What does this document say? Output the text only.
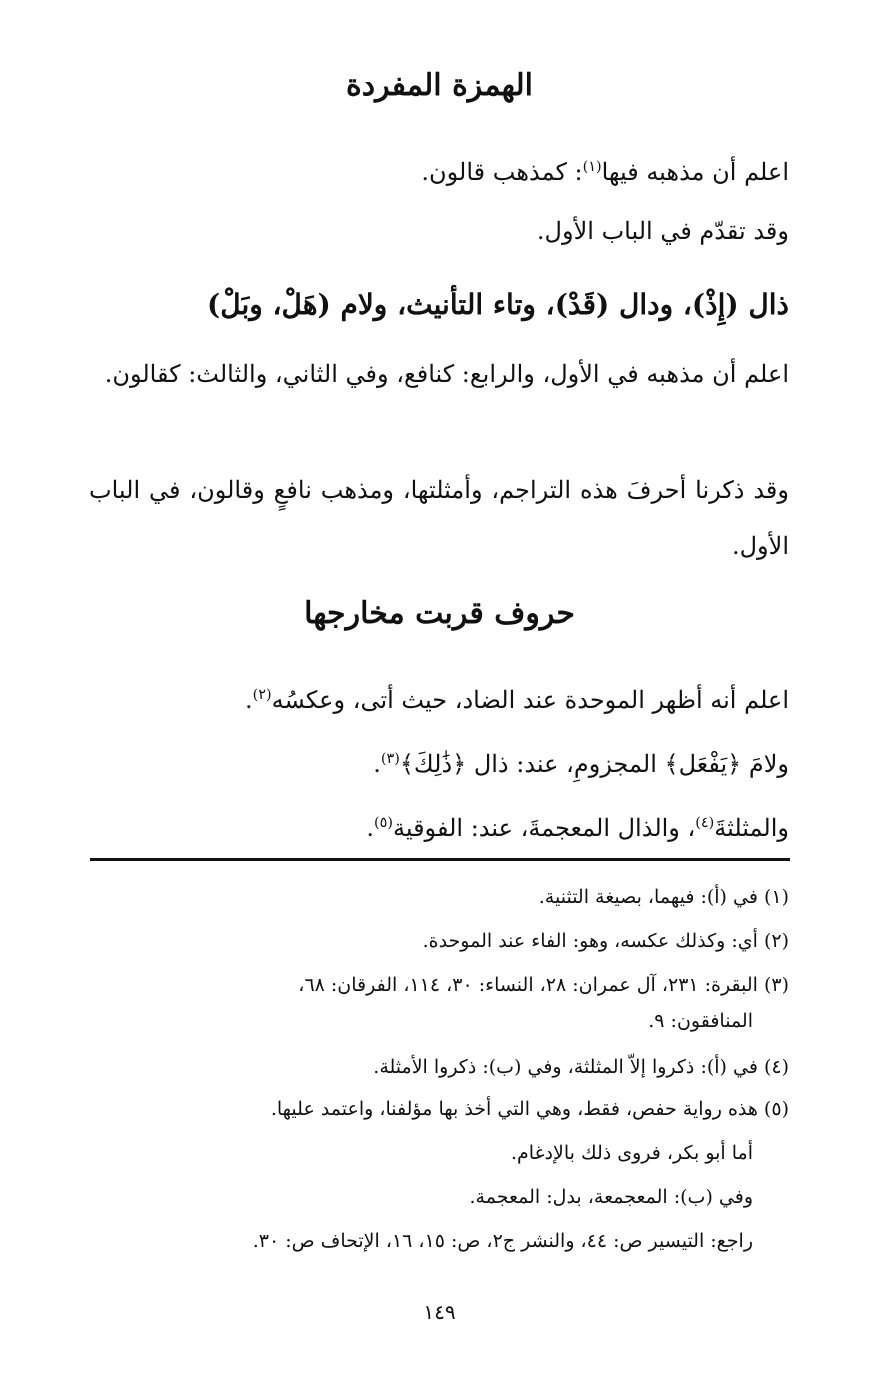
الهمزة المفردة

اعلم أن مذهبه فيها$^{(١)}$: كمذهب قالون.

وقد تقدّم في الباب الأول.

ذال (إِذْ)، ودال (قَدْ)، وتاء التأنيث، ولام (هَلْ، وبَلْ)

اعلم أن مذهبه في الأول، والرابع: كنافع، وفي الثاني، والثالث: كقالون.

وقد ذكرنا أحرفَ هذه التراجم، وأمثلتها، ومذهب نافعٍ وقالون، في الباب الأول.

حروف قربت مخارجها

اعلم أنه أظهر الموحدة عند الضاد، حيث أتى، وعكسُه$^{(٢)}$.

ولامَ ﴿يَفْعَل﴾ المجزومِ، عند: ذال ﴿ذَٰلِكَ﴾$^{(٣)}$.

والمثلثةَ$^{(٤)}$، والذال المعجمةَ، عند: الفوقية$^{(٥)}$.

(١) في (أ): فيهما، بصيغة التثنية.

(٢) أي: وكذلك عكسه، وهو: الفاء عند الموحدة.

(٣) البقرة: ٢٣١، آل عمران: ٢٨، النساء: ٣٠، ١١٤، الفرقان: ٦٨،

المنافقون: ٩.

(٤) في (أ): ذكروا إلاّ المثلثة، وفي (ب): ذكروا الأمثلة.

(٥) هذه رواية حفص، فقط، وهي التي أخذ بها مؤلفنا، واعتمد عليها.

أما أبو بكر، فروى ذلك بالإدغام.

وفي (ب): المعجمعة، بدل: المعجمة.

راجع: التيسير ص: ٤٤، والنشر ج٢، ص: ١٥، ١٦، الإتحاف ص: ٣٠.

١٤٩
